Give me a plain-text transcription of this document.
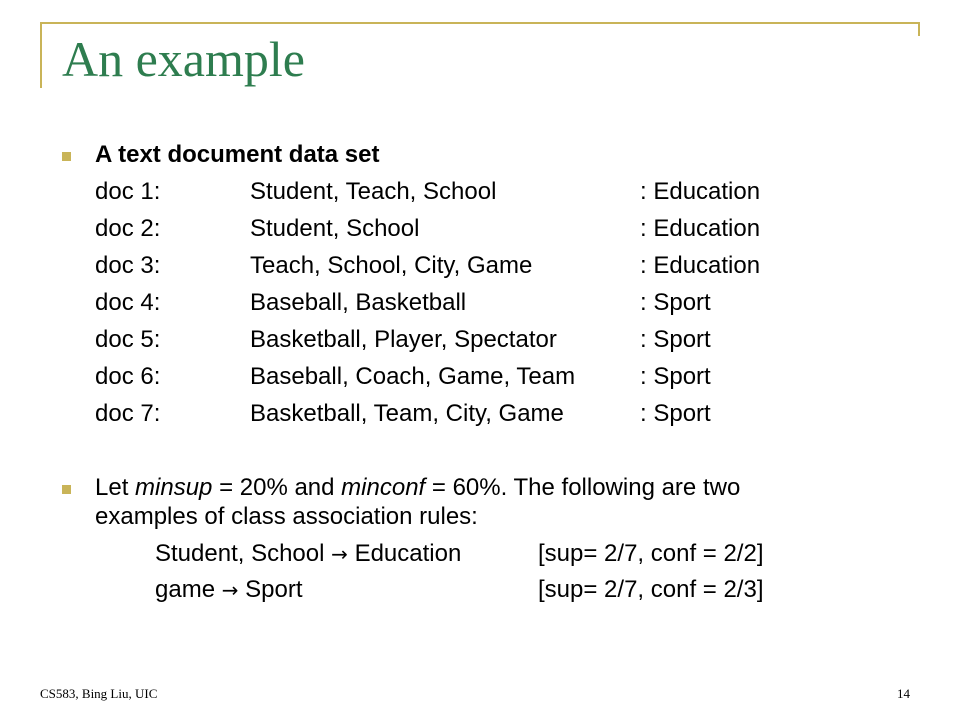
An example
A text document data set
doc 1:	Student, Teach, School	: Education
doc 2:	Student, School	: Education
doc 3:	Teach, School, City, Game	: Education
doc 4:	Baseball, Basketball	: Sport
doc 5:	Basketball, Player, Spectator	: Sport
doc 6:	Baseball, Coach, Game, Team	: Sport
doc 7:	Basketball, Team, City, Game	: Sport
Let minsup = 20% and minconf = 60%. The following are two
examples of class association rules:
Student, School → Education	[sup= 2/7, conf = 2/2]
game → Sport	[sup= 2/7, conf = 2/3]
CS583, Bing Liu, UIC	14
